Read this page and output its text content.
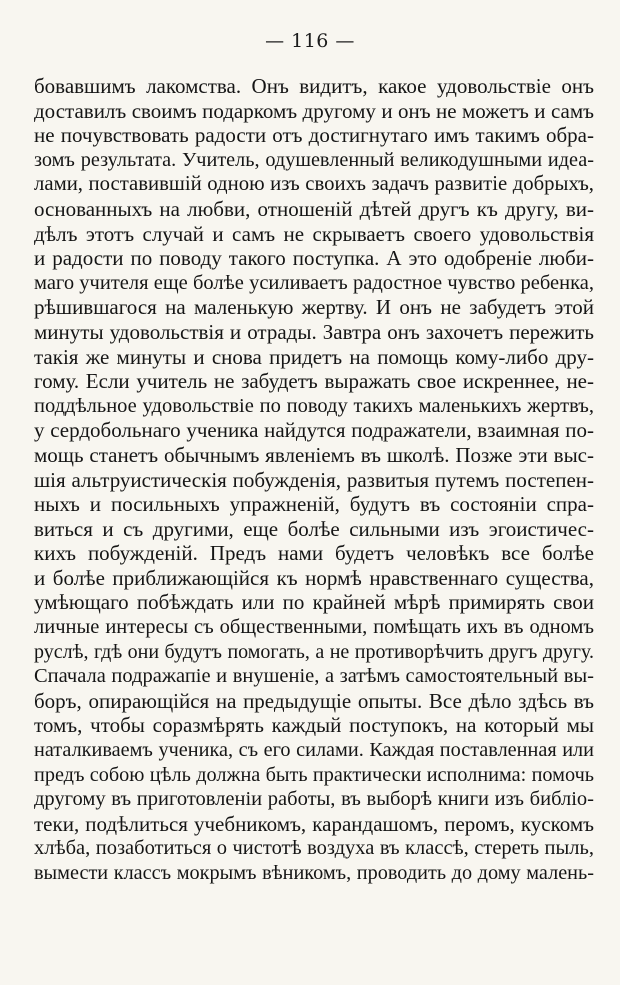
— 116 —
бовавшимъ лакомства. Онъ видитъ, какое удовольствіе онъ
доставилъ своимъ подаркомъ другому и онъ не можетъ и самъ
не почувствовать радости отъ достигнутаго имъ такимъ обра-
зомъ результата. Учитель, одушевленный великодушными идеа-
лами, поставившій одною изъ своихъ задачъ развитіе добрыхъ,
основанныхъ на любви, отношеній дѣтей другъ къ другу, ви-
дѣлъ этотъ случай и самъ не скрываетъ своего удовольствія
и радости по поводу такого поступка. А это одобреніе люби-
маго учителя еще болѣе усиливаетъ радостное чувство ребенка,
рѣшившагося на маленькую жертву. И онъ не забудетъ этой
минуты удовольствія и отрады. Завтра онъ захочетъ пережить
такія же минуты и снова придетъ на помощь кому-либо дру-
гому. Если учитель не забудетъ выражать свое искреннее, не-
поддѣльное удовольствіе по поводу такихъ маленькихъ жертвъ,
у сердобольнаго ученика найдутся подражатели, взаимная по-
мощь станетъ обычнымъ явленіемъ въ школѣ. Позже эти выс-
шія альтруистическія побужденія, развитыя путемъ постепен-
ныхъ и посильныхъ упражненій, будутъ въ состояніи спра-
виться и съ другими, еще болѣе сильными изъ эгоистичес-
кихъ побужденій. Предъ нами будетъ человѣкъ все болѣе
и болѣе приближающійся къ нормѣ нравственнаго существа,
умѣющаго побѣждать или по крайней мѣрѣ примирять свои
личные интересы съ общественными, помѣщать ихъ въ одномъ
руслѣ, гдѣ они будутъ помогать, а не противорѣчить другъ другу.
Спачала подражапіе и внушеніе, а затѣмъ самостоятельный вы-
боръ, опирающійся на предыдущіе опыты. Все дѣло здѣсь въ
томъ, чтобы соразмѣрять каждый поступокъ, на который мы
наталкиваемъ ученика, съ его силами. Каждая поставленная или
предъ собою цѣль должна быть практически исполнима: помочь
другому въ приготовленіи работы, въ выборѣ книги изъ библіо-
теки, подѣлиться учебникомъ, карандашомъ, перомъ, кускомъ
хлѣба, позаботиться о чистотѣ воздуха въ классѣ, стереть пыль,
вымести классъ мокрымъ вѣникомъ, проводить до дому малень-
